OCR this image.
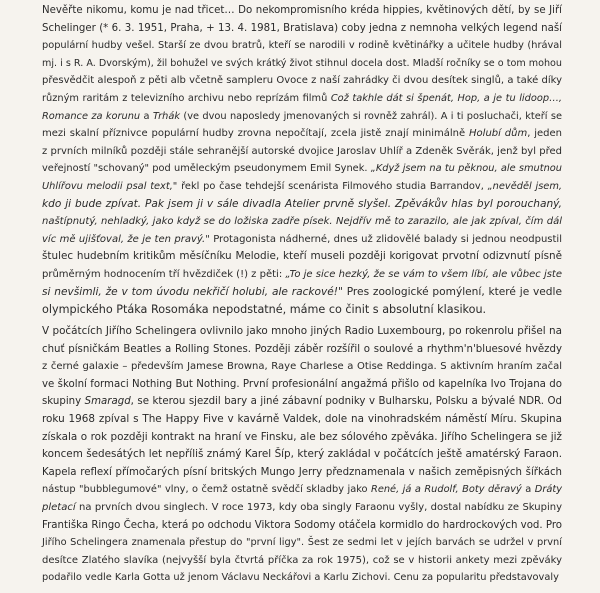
Nevěřte nikomu, komu je nad třicet… Do nekompromisního kréda hippies, květinových dětí, by se Jiří
Schelinger (* 6. 3. 1951, Praha, + 13. 4. 1981, Bratislava) coby jedna z nemnoha velkých legend naší
populární hudby vešel. Starší ze dvou bratrů, kteří se narodili v rodině květinářky a učitele hudby (hrával
mj. i s R. A. Dvorským), žil bohužel ve svých krátký život stihnul docela dost. Mladší ročníky se o tom mohou
přesvědčit alespoň z pěti alb včetně sampleru Ovoce z naší zahrádky či dvou desítek singlů, a také díky
různým raritám z televizního archivu nebo reprízám filmů Což takhle dát si špenát, Hop, a je tu lidoop…,
Romance za korunu a Trhák (ve dvou naposledy jmenovaných si rovněž zahrál). A i ti posluchači, kteří se
mezi skalní příznivce populární hudby zrovna nepočítají, zcela jistě znají minimálně Holubí dům, jeden
z prvních milníků později stále sehranější autorské dvojice Jaroslav Uhlíř a Zdeněk Svěrák, jenž byl před
veřejností "schovaný" pod uměleckým pseudonymem Emil Synek. „Když jsem na tu pěknou, ale smutnou
Uhlířovu melodii psal text," řekl po čase tehdejší scenárista Filmového studia Barrandov, „nevěděl jsem,
kdo ji bude zpívat. Pak jsem ji v sále divadla Atelier prvně slyšel. Zpěvákův hlas byl porouchaný,
naštípnutý, nehladký, jako když se do ložiska zadře písek. Nejdřív mě to zarazilo, ale jak zpíval, čím dál
víc mě ujišťoval, že je ten pravý." Protagonista nádherné, dnes už zlidovělé balady si jednou neodpustil
štulec hudebním kritikům měsíčníku Melodie, kteří museli později korigovat prvotní odizvnutí písně
průměrným hodnocením tří hvězdiček (!) z pěti: „To je sice hezký, že se vám to všem líbí, ale vůbec jste
si nevšimli, že v tom úvodu nekřičí holubi, ale rackové!" Pres zoologické pomýlení, které je vedle
olympického Ptáka Rosomáka nepodstatné, máme co činit s absolutní klasikou.
V počátcích Jiřího Schelingera ovlivnilo jako mnoho jiných Radio Luxembourg, po rokenrolu přišel na
chuť písničkám Beatles a Rolling Stones. Později záběr rozšířil o soulové a rhythm'n'bluesové hvězdy
z černé galaxie – především Jamese Browna, Raye Charlese a Otise Reddinga. S aktivním hraním začal
ve školní formaci Nothing But Nothing. První profesionální angažmá přišlo od kapelníka Ivo Trojana do
skupiny Smaragd, se kterou sjezdil bary a jiné zábavní podniky v Bulharsku, Polsku a bývalé NDR. Od
roku 1968 zpíval s The Happy Five v kavárně Valdek, dole na vinohradském náměstí Míru. Skupina
získala o rok později kontrakt na hraní ve Finsku, ale bez sólového zpěváka. Jiřího Schelingera se již
koncem šedesátých let nepříliš známý Karel Šíp, který zakládal v počátcích ještě amatérský Faraon.
Kapela reflexí přímočarých písní britských Mungo Jerry předznamenala v našich zeměpisných šířkách
nástup "bubblegumové" vlny, o čemž ostatně svědčí skladby jako René, já a Rudolf, Boty děravý a Dráty
pletací na prvních dvou singlech. V roce 1973, kdy oba singly Faraonu vyšly, dostal nabídku ze Skupiny
Františka Ringo Čecha, která po odchodu Viktora Sodomy otáčela kormidlo do hardrockových vod. Pro
Jiřího Schelingera znamenala přestup do "první ligy". Šest ze sedmi let v jejích barvách se udržel v první
desítce Zlatého slavíka (nejvyšší byla čtvrtá příčka za rok 1975), což se v historii ankety mezi zpěváky
podařilo vedle Karla Gotta už jenom Václavu Neckářovi a Karlu Zichovi. Cenu za popularitu představovaly
